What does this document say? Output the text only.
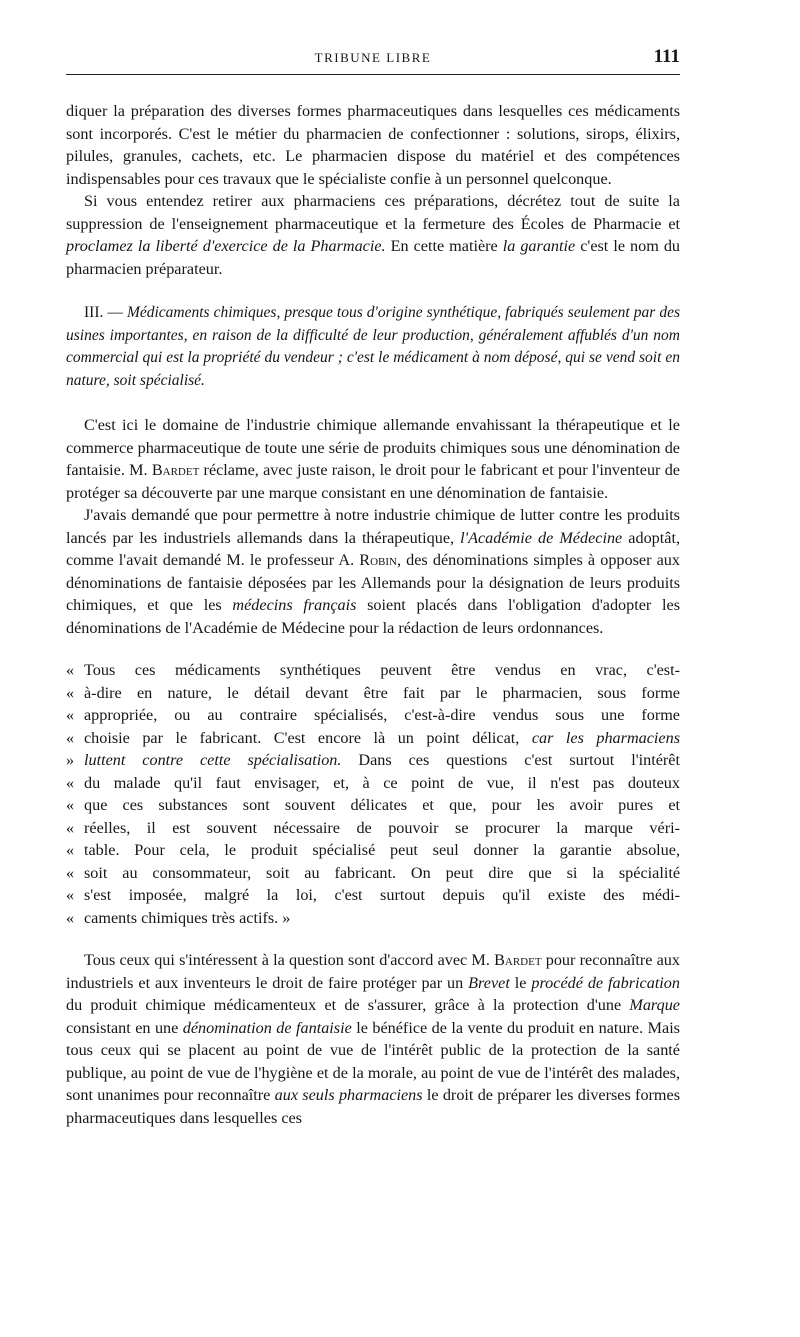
TRIBUNE LIBRE	111

diquer la préparation des diverses formes pharmaceutiques dans lesquelles ces médicaments sont incorporés. C'est le métier du pharmacien de confectionner : solutions, sirops, élixirs, pilules, granules, cachets, etc. Le pharmacien dispose du matériel et des compétences indispensables pour ces travaux que le spécialiste confie à un personnel quelconque.

Si vous entendez retirer aux pharmaciens ces préparations, décrétez tout de suite la suppression de l'enseignement pharmaceutique et la fermeture des Écoles de Pharmacie et proclamez la liberté d'exercice de la Pharmacie. En cette matière la garantie c'est le nom du pharmacien préparateur.

III. — Médicaments chimiques, presque tous d'origine synthétique, fabriqués seulement par des usines importantes, en raison de la difficulté de leur production, généralement affublés d'un nom commercial qui est la propriété du vendeur ; c'est le médicament à nom déposé, qui se vend soit en nature, soit spécialisé.

C'est ici le domaine de l'industrie chimique allemande envahissant la thérapeutique et le commerce pharmaceutique de toute une série de produits chimiques sous une dénomination de fantaisie. M. Bardet réclame, avec juste raison, le droit pour le fabricant et pour l'inventeur de protéger sa découverte par une marque consistant en une dénomination de fantaisie.

J'avais demandé que pour permettre à notre industrie chimique de lutter contre les produits lancés par les industriels allemands dans la thérapeutique, l'Académie de Médecine adoptât, comme l'avait demandé M. le professeur A. Robin, des dénominations simples à opposer aux dénominations de fantaisie déposées par les Allemands pour la désignation de leurs produits chimiques, et que les médecins français soient placés dans l'obligation d'adopter les dénominations de l'Académie de Médecine pour la rédaction de leurs ordonnances.

« Tous ces médicaments synthétiques peuvent être vendus en vrac, c'est-
« à-dire en nature, le détail devant être fait par le pharmacien, sous forme
« appropriée, ou au contraire spécialisés, c'est-à-dire vendus sous une forme
« choisie par le fabricant. C'est encore là un point délicat, car les pharmaciens
» luttent contre cette spécialisation. Dans ces questions c'est surtout l'intérêt
« du malade qu'il faut envisager, et, à ce point de vue, il n'est pas douteux
« que ces substances sont souvent délicates et que, pour les avoir pures et
« réelles, il est souvent nécessaire de pouvoir se procurer la marque véri-
« table. Pour cela, le produit spécialisé peut seul donner la garantie absolue,
« soit au consommateur, soit au fabricant. On peut dire que si la spécialité
« s'est imposée, malgré la loi, c'est surtout depuis qu'il existe des médi-
« caments chimiques très actifs. »

Tous ceux qui s'intéressent à la question sont d'accord avec M. Bardet pour reconnaître aux industriels et aux inventeurs le droit de faire protéger par un Brevet le procédé de fabrication du produit chimique médicamenteux et de s'assurer, grâce à la protection d'une Marque consistant en une dénomination de fantaisie le bénéfice de la vente du produit en nature. Mais tous ceux qui se placent au point de vue de l'intérêt public de la protection de la santé publique, au point de vue de l'hygiène et de la morale, au point de vue de l'intérêt des malades, sont unanimes pour reconnaître aux seuls pharmaciens le droit de préparer les diverses formes pharmaceutiques dans lesquelles ces
